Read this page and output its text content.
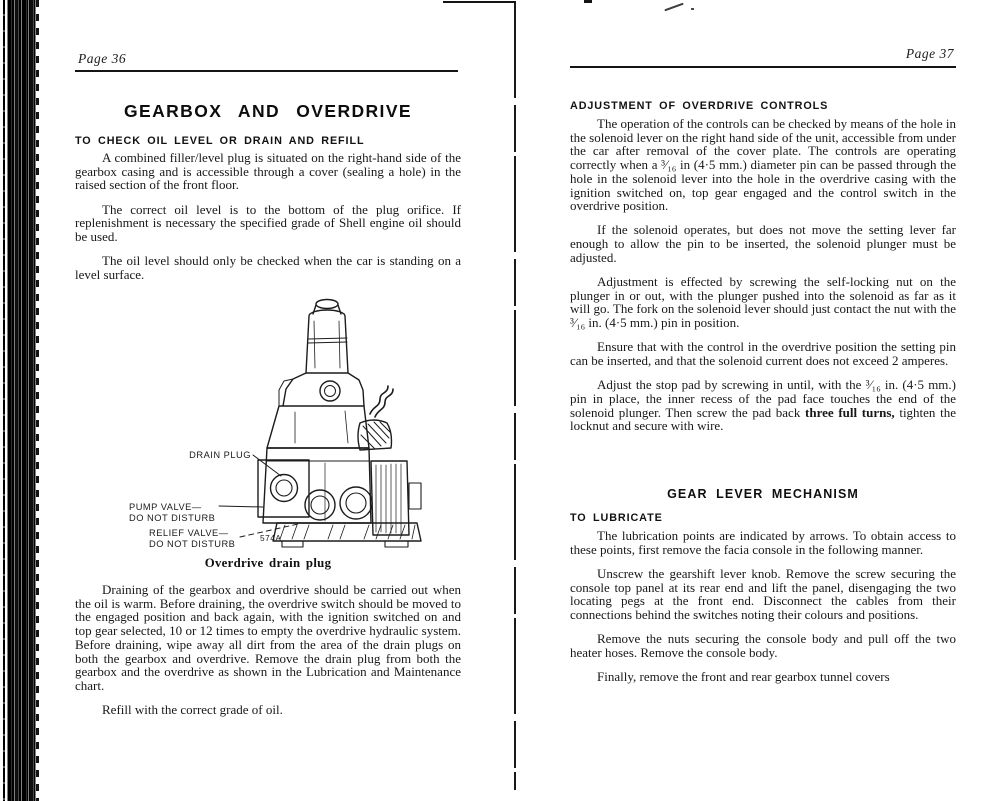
Page 36
GEARBOX AND OVERDRIVE
TO CHECK OIL LEVEL OR DRAIN AND REFILL

A combined filler/level plug is situated on the right-hand side of the gearbox casing and is accessible through a cover (sealing a hole) in the raised section of the front floor.

The correct oil level is to the bottom of the plug orifice. If replenishment is necessary the specified grade of Shell engine oil should be used.

The oil level should only be checked when the car is standing on a level surface.

DRAIN PLUG
PUMP VALVE—
DO NOT DISTURB
RELIEF VALVE—
DO NOT DISTURB
574A
Overdrive drain plug

Draining of the gearbox and overdrive should be carried out when the oil is warm. Before draining, the overdrive switch should be moved to the engaged position and back again, with the ignition switched on and top gear selected, 10 or 12 times to empty the overdrive hydraulic system. Before draining, wipe away all dirt from the area of the drain plugs on both the gearbox and overdrive. Remove the drain plug from both the gearbox and the overdrive as shown in the Lubrication and Maintenance chart.

Refill with the correct grade of oil.

Page 37
ADJUSTMENT OF OVERDRIVE CONTROLS

The operation of the controls can be checked by means of the hole in the solenoid lever on the right hand side of the unit, accessible from under the car after removal of the cover plate. The controls are operating correctly when a ³⁄₁₆ in (4·5 mm.) diameter pin can be passed through the hole in the solenoid lever into the hole in the overdrive casing with the ignition switched on, top gear engaged and the control switch in the overdrive position.

If the solenoid operates, but does not move the setting lever far enough to allow the pin to be inserted, the solenoid plunger must be adjusted.

Adjustment is effected by screwing the self-locking nut on the plunger in or out, with the plunger pushed into the solenoid as far as it will go. The fork on the solenoid lever should just contact the nut with the ³⁄₁₆ in. (4·5 mm.) pin in position.

Ensure that with the control in the overdrive position the setting pin can be inserted, and that the solenoid current does not exceed 2 amperes.

Adjust the stop pad by screwing in until, with the ³⁄₁₆ in. (4·5 mm.) pin in place, the inner recess of the pad face touches the end of the solenoid plunger. Then screw the pad back three full turns, tighten the locknut and secure with wire.

GEAR LEVER MECHANISM
TO LUBRICATE

The lubrication points are indicated by arrows. To obtain access to these points, first remove the facia console in the following manner.

Unscrew the gearshift lever knob. Remove the screw securing the console top panel at its rear end and lift the panel, disengaging the two locating pegs at the front end. Disconnect the cables from their connections behind the switches noting their colours and positions.

Remove the nuts securing the console body and pull off the two heater hoses. Remove the console body.

Finally, remove the front and rear gearbox tunnel covers
